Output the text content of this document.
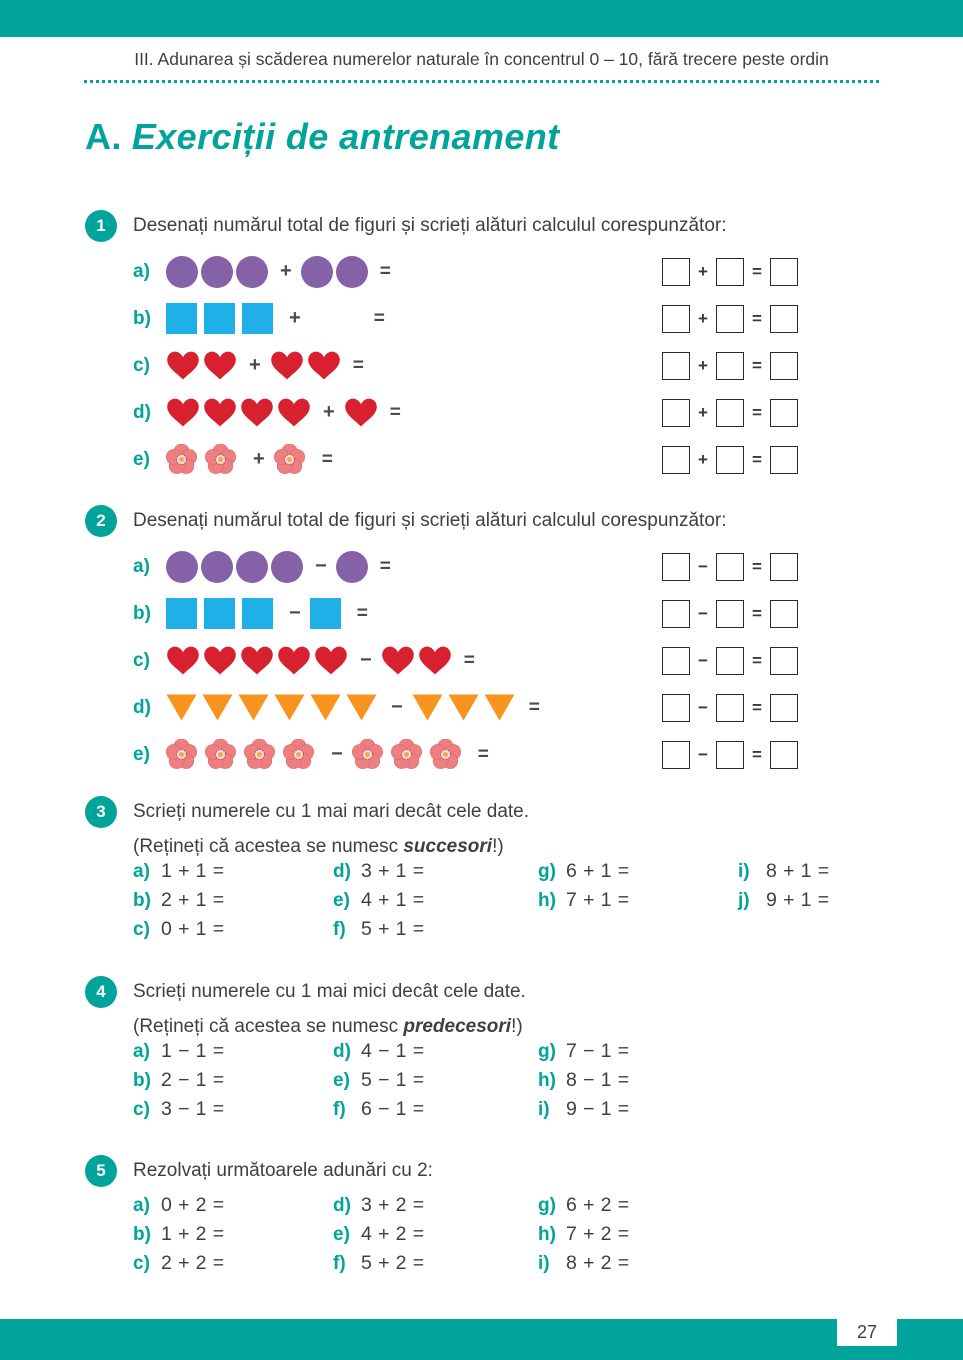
III. Adunarea și scăderea numerelor naturale în concentrul 0 – 10, fără trecere peste ordin
A. Exerciții de antrenament
1	Desenați numărul total de figuri și scrieți alături calculul corespunzător:
a)	+	=	+	=
b)	+	=	+	=
c)	+	=	+	=
d)	+	=	+	=
e)	+	=	+	=
2	Desenați numărul total de figuri și scrieți alături calculul corespunzător:
a)	−	=	−	=
b)	−	=	−	=
c)	−	=	−	=
d)	−	=	−	=
e)	−	=	−	=
3	Scrieți numerele cu 1 mai mari decât cele date.
(Rețineți că acestea se numesc succesori!)
a) 1 + 1 =
b) 2 + 1 =
c) 0 + 1 =
d) 3 + 1 =
e) 4 + 1 =
f) 5 + 1 =
g) 6 + 1 =
h) 7 + 1 =
i) 8 + 1 =
j) 9 + 1 =
4	Scrieți numerele cu 1 mai mici decât cele date.
(Rețineți că acestea se numesc predecesori!)
a) 1 − 1 =
b) 2 − 1 =
c) 3 − 1 =
d) 4 − 1 =
e) 5 − 1 =
f) 6 − 1 =
g) 7 − 1 =
h) 8 − 1 =
i) 9 − 1 =
5	Rezolvați următoarele adunări cu 2:
a) 0 + 2 =
b) 1 + 2 =
c) 2 + 2 =
d) 3 + 2 =
e) 4 + 2 =
f) 5 + 2 =
g) 6 + 2 =
h) 7 + 2 =
i) 8 + 2 =
27
